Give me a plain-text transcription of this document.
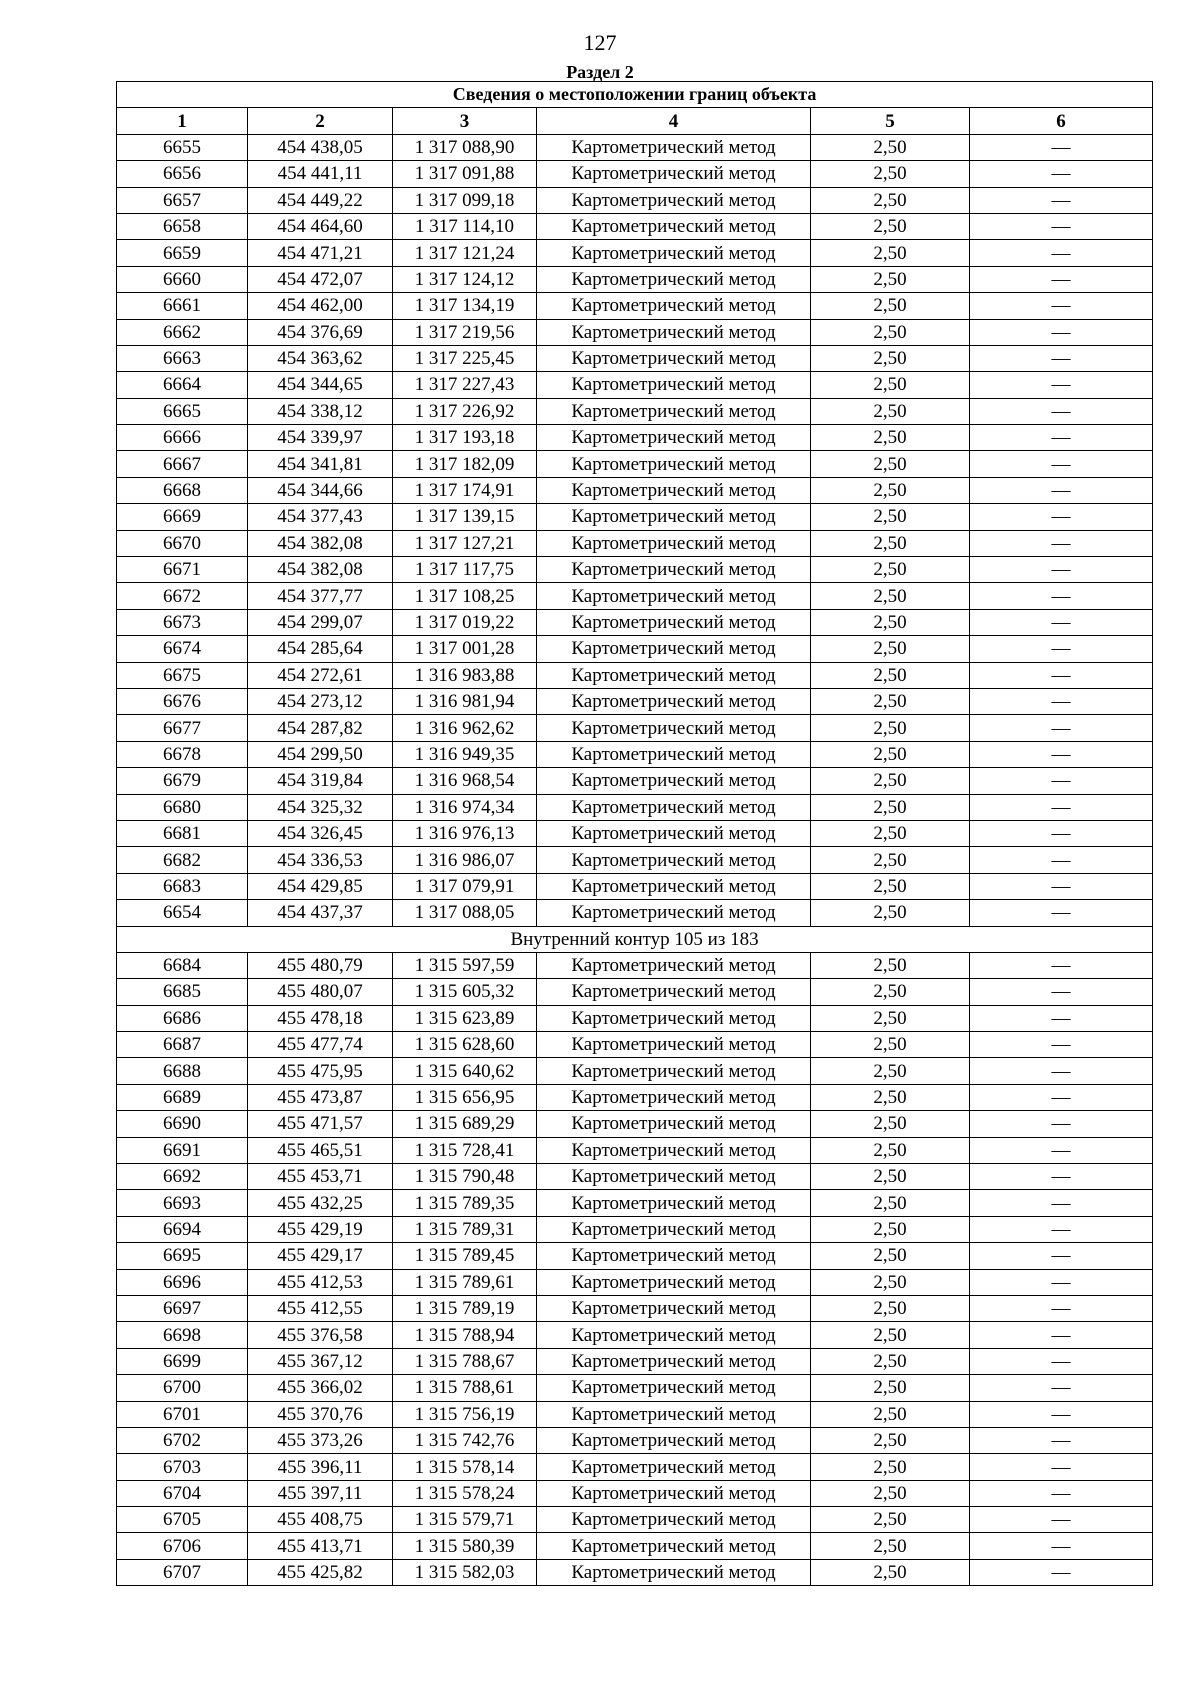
127
Раздел 2
Сведения о местоположении границ объекта					
1	2	3	4	5	6
6655	454 438,05	1 317 088,90	Картометрический метод	2,50	—
6656	454 441,11	1 317 091,88	Картометрический метод	2,50	—
6657	454 449,22	1 317 099,18	Картометрический метод	2,50	—
6658	454 464,60	1 317 114,10	Картометрический метод	2,50	—
6659	454 471,21	1 317 121,24	Картометрический метод	2,50	—
6660	454 472,07	1 317 124,12	Картометрический метод	2,50	—
6661	454 462,00	1 317 134,19	Картометрический метод	2,50	—
6662	454 376,69	1 317 219,56	Картометрический метод	2,50	—
6663	454 363,62	1 317 225,45	Картометрический метод	2,50	—
6664	454 344,65	1 317 227,43	Картометрический метод	2,50	—
6665	454 338,12	1 317 226,92	Картометрический метод	2,50	—
6666	454 339,97	1 317 193,18	Картометрический метод	2,50	—
6667	454 341,81	1 317 182,09	Картометрический метод	2,50	—
6668	454 344,66	1 317 174,91	Картометрический метод	2,50	—
6669	454 377,43	1 317 139,15	Картометрический метод	2,50	—
6670	454 382,08	1 317 127,21	Картометрический метод	2,50	—
6671	454 382,08	1 317 117,75	Картометрический метод	2,50	—
6672	454 377,77	1 317 108,25	Картометрический метод	2,50	—
6673	454 299,07	1 317 019,22	Картометрический метод	2,50	—
6674	454 285,64	1 317 001,28	Картометрический метод	2,50	—
6675	454 272,61	1 316 983,88	Картометрический метод	2,50	—
6676	454 273,12	1 316 981,94	Картометрический метод	2,50	—
6677	454 287,82	1 316 962,62	Картометрический метод	2,50	—
6678	454 299,50	1 316 949,35	Картометрический метод	2,50	—
6679	454 319,84	1 316 968,54	Картометрический метод	2,50	—
6680	454 325,32	1 316 974,34	Картометрический метод	2,50	—
6681	454 326,45	1 316 976,13	Картометрический метод	2,50	—
6682	454 336,53	1 316 986,07	Картометрический метод	2,50	—
6683	454 429,85	1 317 079,91	Картометрический метод	2,50	—
6654	454 437,37	1 317 088,05	Картометрический метод	2,50	—
Внутренний контур 105 из 183					
6684	455 480,79	1 315 597,59	Картометрический метод	2,50	—
6685	455 480,07	1 315 605,32	Картометрический метод	2,50	—
6686	455 478,18	1 315 623,89	Картометрический метод	2,50	—
6687	455 477,74	1 315 628,60	Картометрический метод	2,50	—
6688	455 475,95	1 315 640,62	Картометрический метод	2,50	—
6689	455 473,87	1 315 656,95	Картометрический метод	2,50	—
6690	455 471,57	1 315 689,29	Картометрический метод	2,50	—
6691	455 465,51	1 315 728,41	Картометрический метод	2,50	—
6692	455 453,71	1 315 790,48	Картометрический метод	2,50	—
6693	455 432,25	1 315 789,35	Картометрический метод	2,50	—
6694	455 429,19	1 315 789,31	Картометрический метод	2,50	—
6695	455 429,17	1 315 789,45	Картометрический метод	2,50	—
6696	455 412,53	1 315 789,61	Картометрический метод	2,50	—
6697	455 412,55	1 315 789,19	Картометрический метод	2,50	—
6698	455 376,58	1 315 788,94	Картометрический метод	2,50	—
6699	455 367,12	1 315 788,67	Картометрический метод	2,50	—
6700	455 366,02	1 315 788,61	Картометрический метод	2,50	—
6701	455 370,76	1 315 756,19	Картометрический метод	2,50	—
6702	455 373,26	1 315 742,76	Картометрический метод	2,50	—
6703	455 396,11	1 315 578,14	Картометрический метод	2,50	—
6704	455 397,11	1 315 578,24	Картометрический метод	2,50	—
6705	455 408,75	1 315 579,71	Картометрический метод	2,50	—
6706	455 413,71	1 315 580,39	Картометрический метод	2,50	—
6707	455 425,82	1 315 582,03	Картометрический метод	2,50	—
